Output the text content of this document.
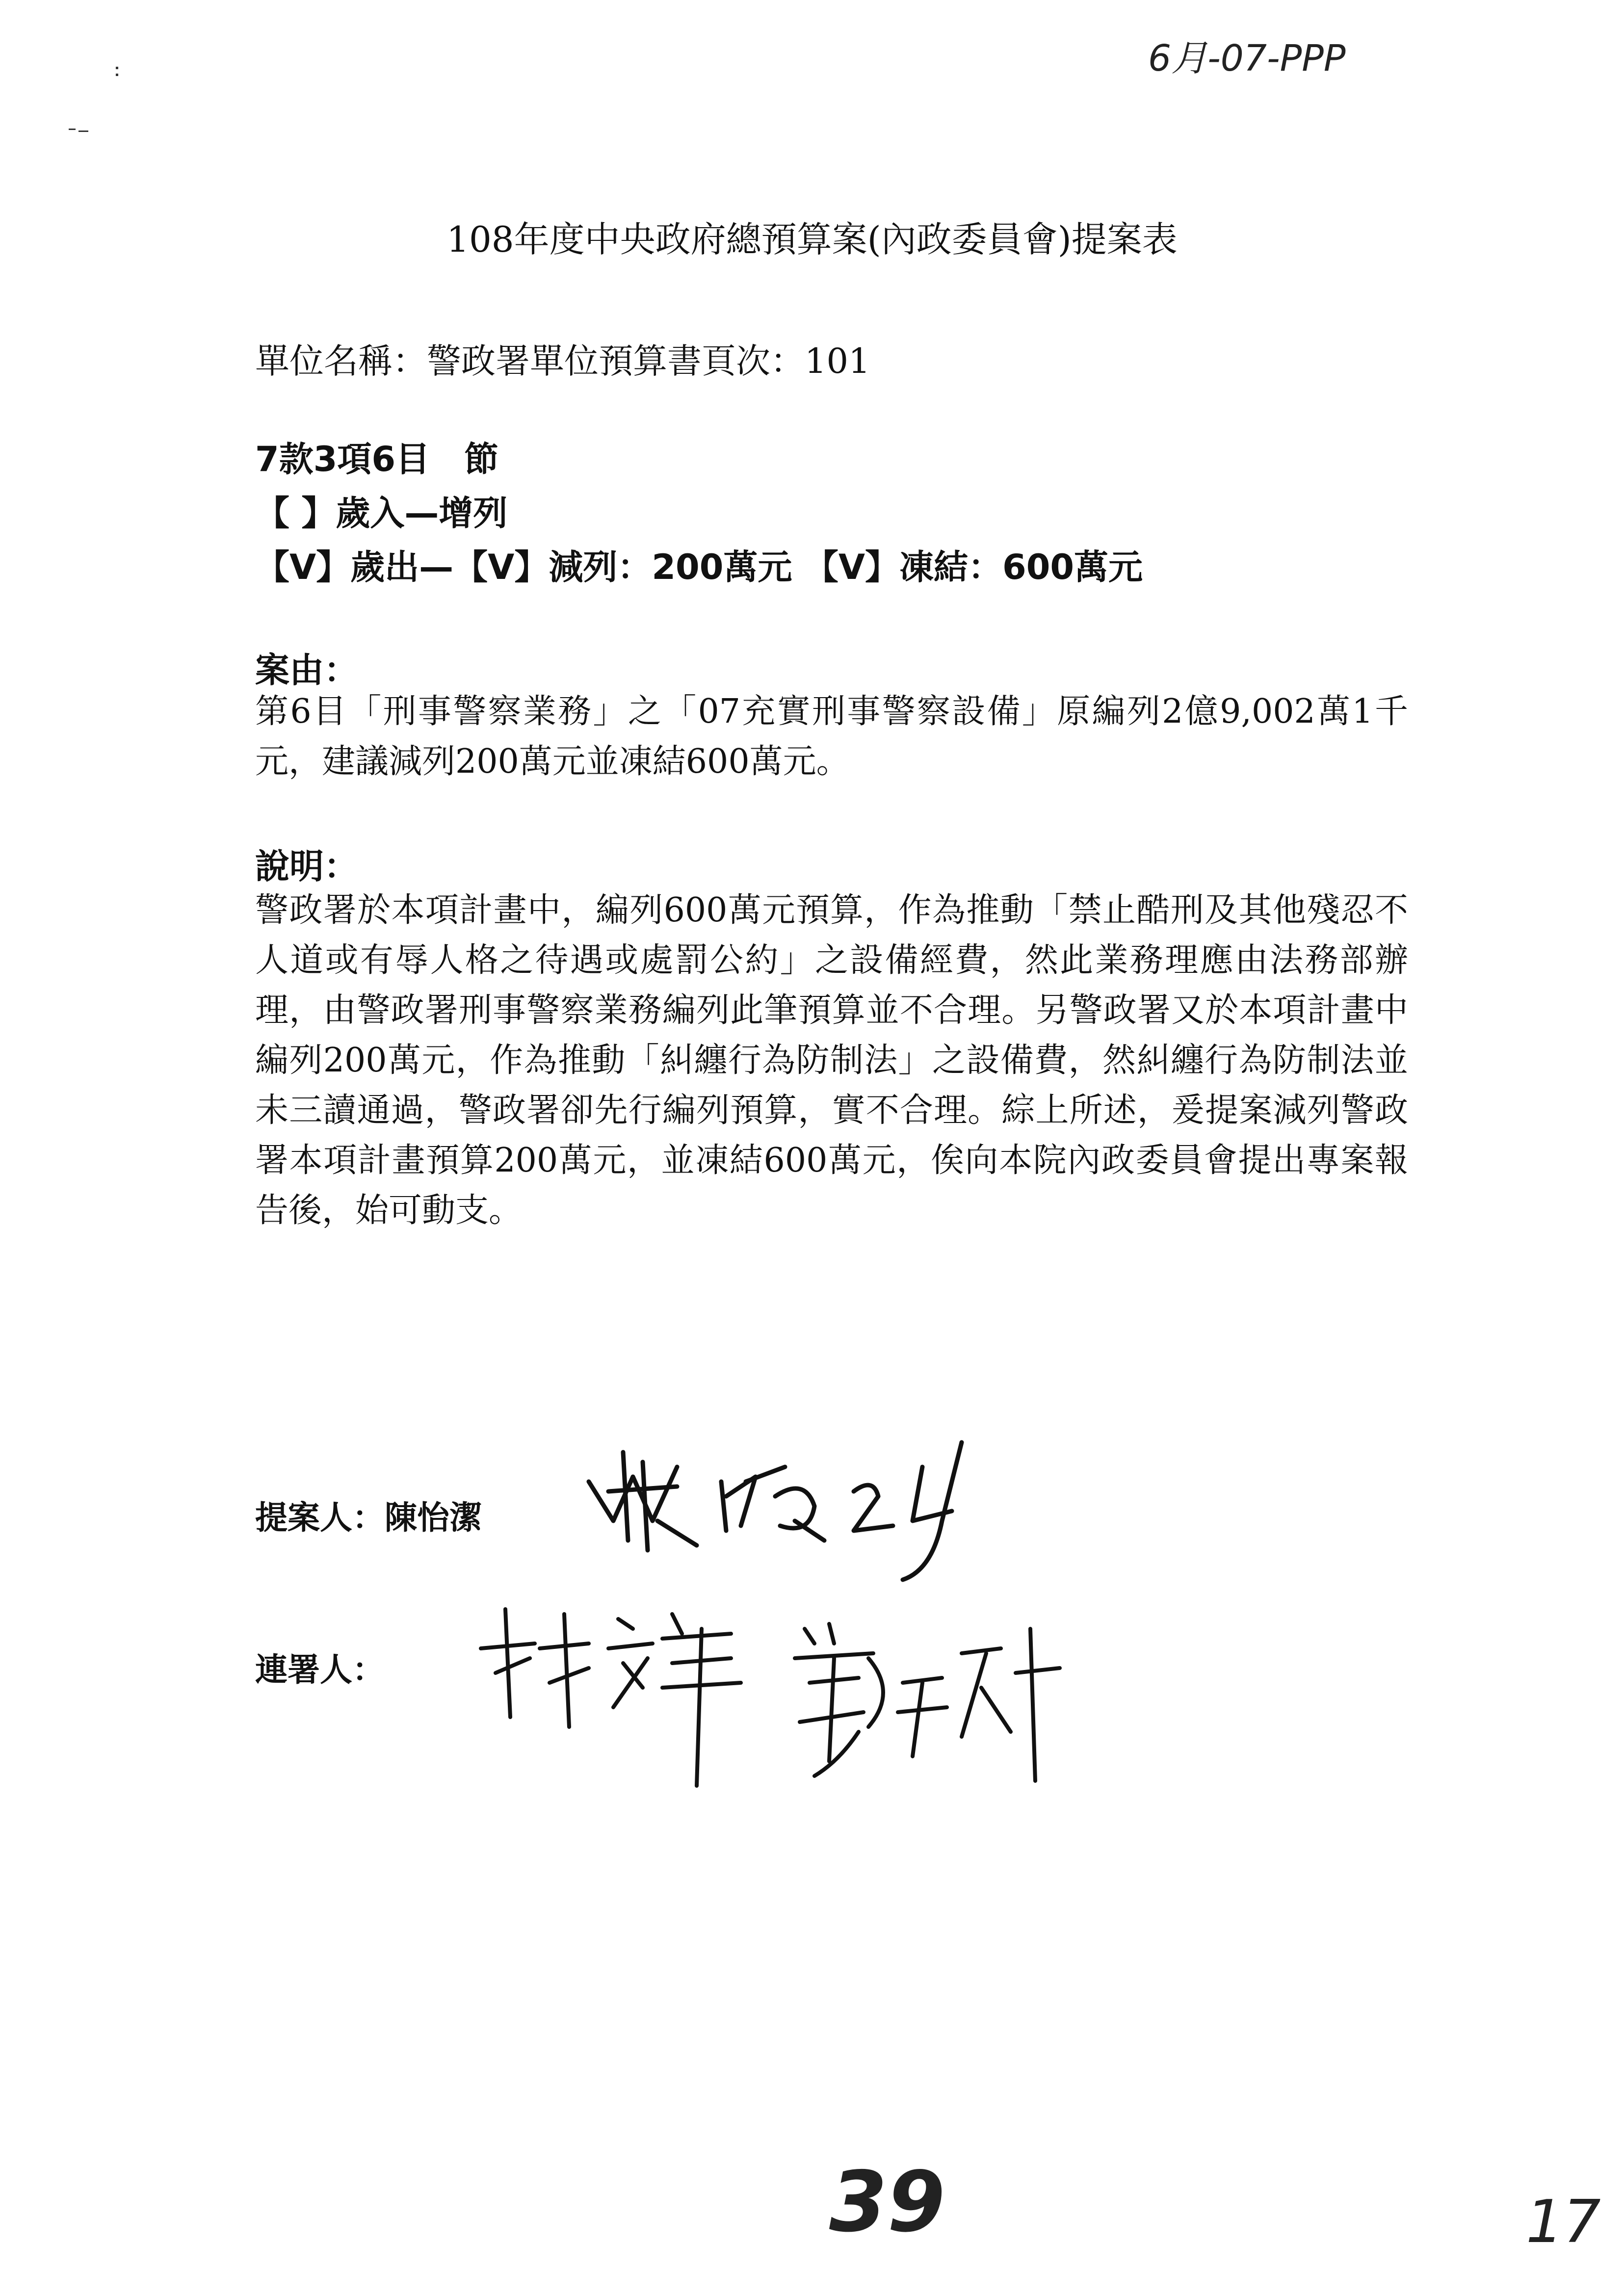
6月-07-PPP
108年度中央政府總預算案(內政委員會)提案表
單位名稱：警政署單位預算書頁次：101
7款3項6目　節
【 】歲入—增列
【V】歲出—【V】減列：200萬元 【V】凍結：600萬元
案由：
第6目「刑事警察業務」之「07充實刑事警察設備」原編列2億9,002萬1千元，建議減列200萬元並凍結600萬元。
說明：
警政署於本項計畫中，編列600萬元預算，作為推動「禁止酷刑及其他殘忍不人道或有辱人格之待遇或處罰公約」之設備經費，然此業務理應由法務部辦理，由警政署刑事警察業務編列此筆預算並不合理。另警政署又於本項計畫中編列200萬元，作為推動「糾纏行為防制法」之設備費，然糾纏行為防制法並未三讀通過，警政署卻先行編列預算，實不合理。綜上所述，爰提案減列警政署本項計畫預算200萬元，並凍結600萬元，俟向本院內政委員會提出專案報告後，始可動支。
提案人：陳怡潔
連署人：
39	17
